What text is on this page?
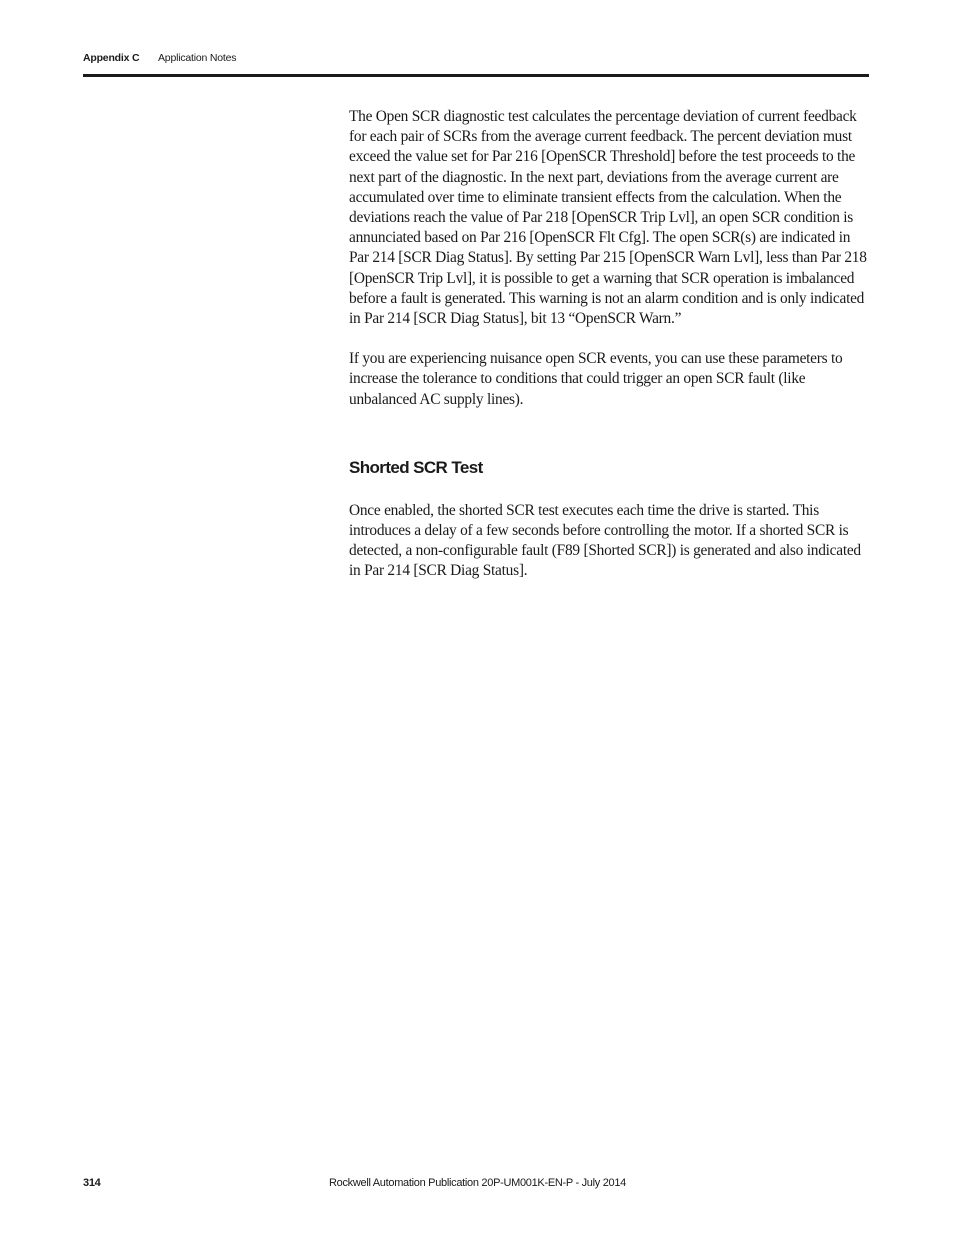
Appendix C Application Notes

The Open SCR diagnostic test calculates the percentage deviation of current feedback for each pair of SCRs from the average current feedback. The percent deviation must exceed the value set for Par 216 [OpenSCR Threshold] before the test proceeds to the next part of the diagnostic. In the next part, deviations from the average current are accumulated over time to eliminate transient effects from the calculation. When the deviations reach the value of Par 218 [OpenSCR Trip Lvl], an open SCR condition is annunciated based on Par 216 [OpenSCR Flt Cfg]. The open SCR(s) are indicated in Par 214 [SCR Diag Status]. By setting Par 215 [OpenSCR Warn Lvl], less than Par 218 [OpenSCR Trip Lvl], it is possible to get a warning that SCR operation is imbalanced before a fault is generated. This warning is not an alarm condition and is only indicated in Par 214 [SCR Diag Status], bit 13 “OpenSCR Warn.”

If you are experiencing nuisance open SCR events, you can use these parameters to increase the tolerance to conditions that could trigger an open SCR fault (like unbalanced AC supply lines).

Shorted SCR Test

Once enabled, the shorted SCR test executes each time the drive is started. This introduces a delay of a few seconds before controlling the motor. If a shorted SCR is detected, a non-configurable fault (F89 [Shorted SCR]) is generated and also indicated in Par 214 [SCR Diag Status].

314	Rockwell Automation Publication 20P-UM001K-EN-P - July 2014
